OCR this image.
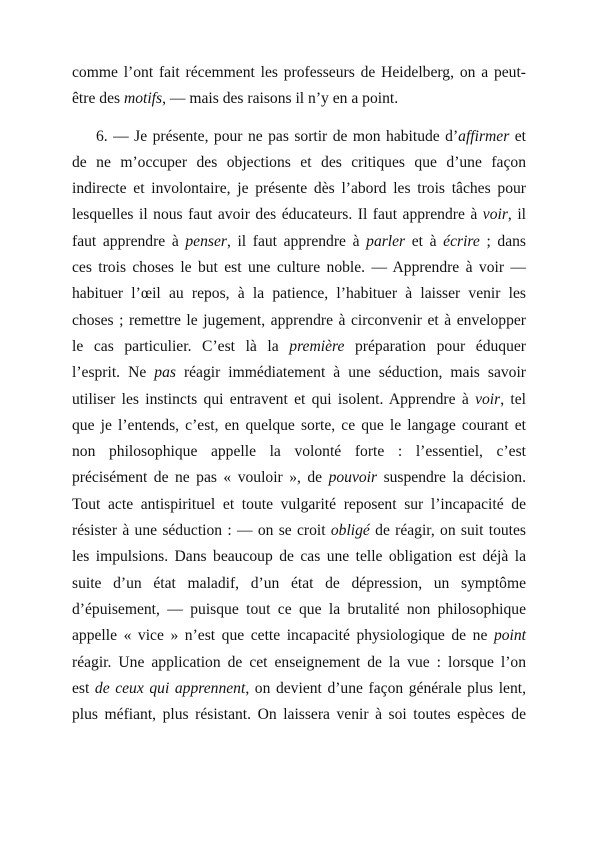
comme l’ont fait récemment les professeurs de Heidelberg, on a peut-
être des motifs, — mais des raisons il n’y en a point.
6. — Je présente, pour ne pas sortir de mon habitude d’affirmer et
de ne m’occuper des objections et des critiques que d’une façon
indirecte et involontaire, je présente dès l’abord les trois tâches pour
lesquelles il nous faut avoir des éducateurs. Il faut apprendre à voir, il
faut apprendre à penser, il faut apprendre à parler et à écrire ; dans
ces trois choses le but est une culture noble. — Apprendre à voir —
habituer l’œil au repos, à la patience, l’habituer à laisser venir les
choses ; remettre le jugement, apprendre à circonvenir et à envelopper
le cas particulier. C’est là la première préparation pour éduquer
l’esprit. Ne pas réagir immédiatement à une séduction, mais savoir
utiliser les instincts qui entravent et qui isolent. Apprendre à voir, tel
que je l’entends, c’est, en quelque sorte, ce que le langage courant et
non philosophique appelle la volonté forte : l’essentiel, c’est
précisément de ne pas « vouloir », de pouvoir suspendre la décision.
Tout acte antispirituel et toute vulgarité reposent sur l’incapacité de
résister à une séduction : — on se croit obligé de réagir, on suit toutes
les impulsions. Dans beaucoup de cas une telle obligation est déjà la
suite d’un état maladif, d’un état de dépression, un symptôme
d’épuisement, — puisque tout ce que la brutalité non philosophique
appelle « vice » n’est que cette incapacité physiologique de ne point
réagir. Une application de cet enseignement de la vue : lorsque l’on
est de ceux qui apprennent, on devient d’une façon générale plus lent,
plus méfiant, plus résistant. On laissera venir à soi toutes espèces de
